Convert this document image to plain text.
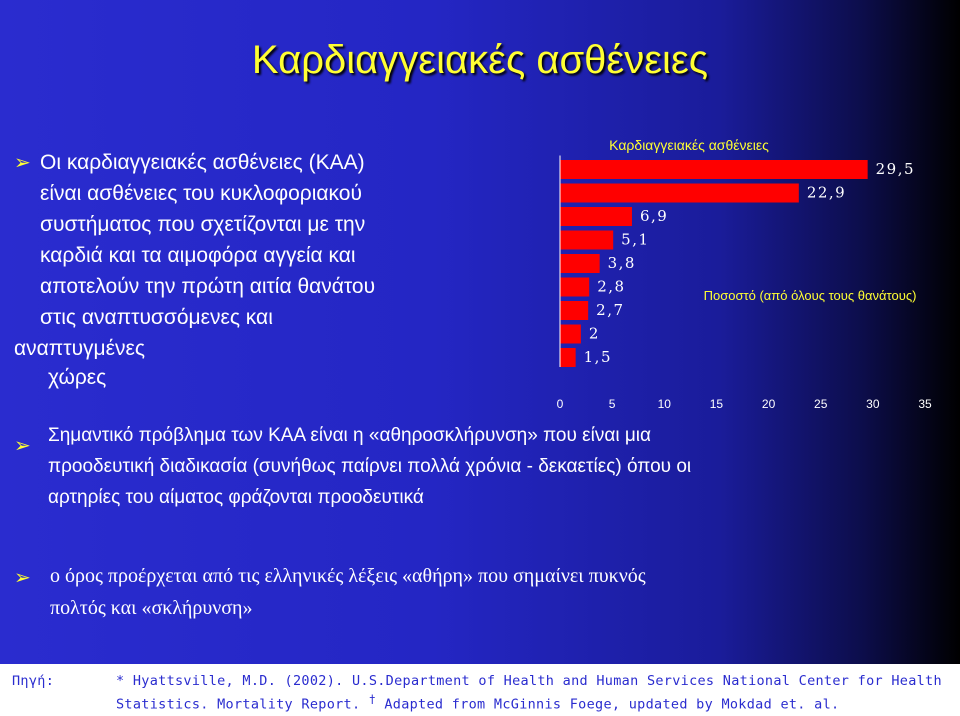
Καρδιαγγειακές ασθένειες
➢ Οι καρδιαγγειακές ασθένειες (ΚΑΑ)
είναι ασθένειες του κυκλοφοριακού
συστήματος που σχετίζονται με την
καρδιά και τα αιμοφόρα αγγεία και
αποτελούν την πρώτη αιτία θανάτου
στις αναπτυσσόμενες και
αναπτυγμένες
χώρες
➢ Σημαντικό πρόβλημα των ΚΑΑ είναι η «αθηροσκλήρυνση» που είναι μια
προοδευτική διαδικασία (συνήθως παίρνει πολλά χρόνια - δεκαετίες) όπου οι
αρτηρίες του αίματος φράζονται προοδευτικά
➢ ο όρος προέρχεται από τις ελληνικές λέξεις «αθήρη» που σημαίνει πυκνός
πολτός και «σκλήρυνση»
Καρδιαγγειακές ασθένειες
Ποσοστό (από όλους τους θανάτους)
1,5
2
2,7
2,8
3,8
5,1
6,9
22,9
29,5
0	5	10	15	20	25	30	35
Πηγή:	* Hyattsville, M.D. (2002). U.S.Department of Health and Human Services National Center for Health
Statistics. Mortality Report. † Adapted from McGinnis Foege, updated by Mokdad et. al.
